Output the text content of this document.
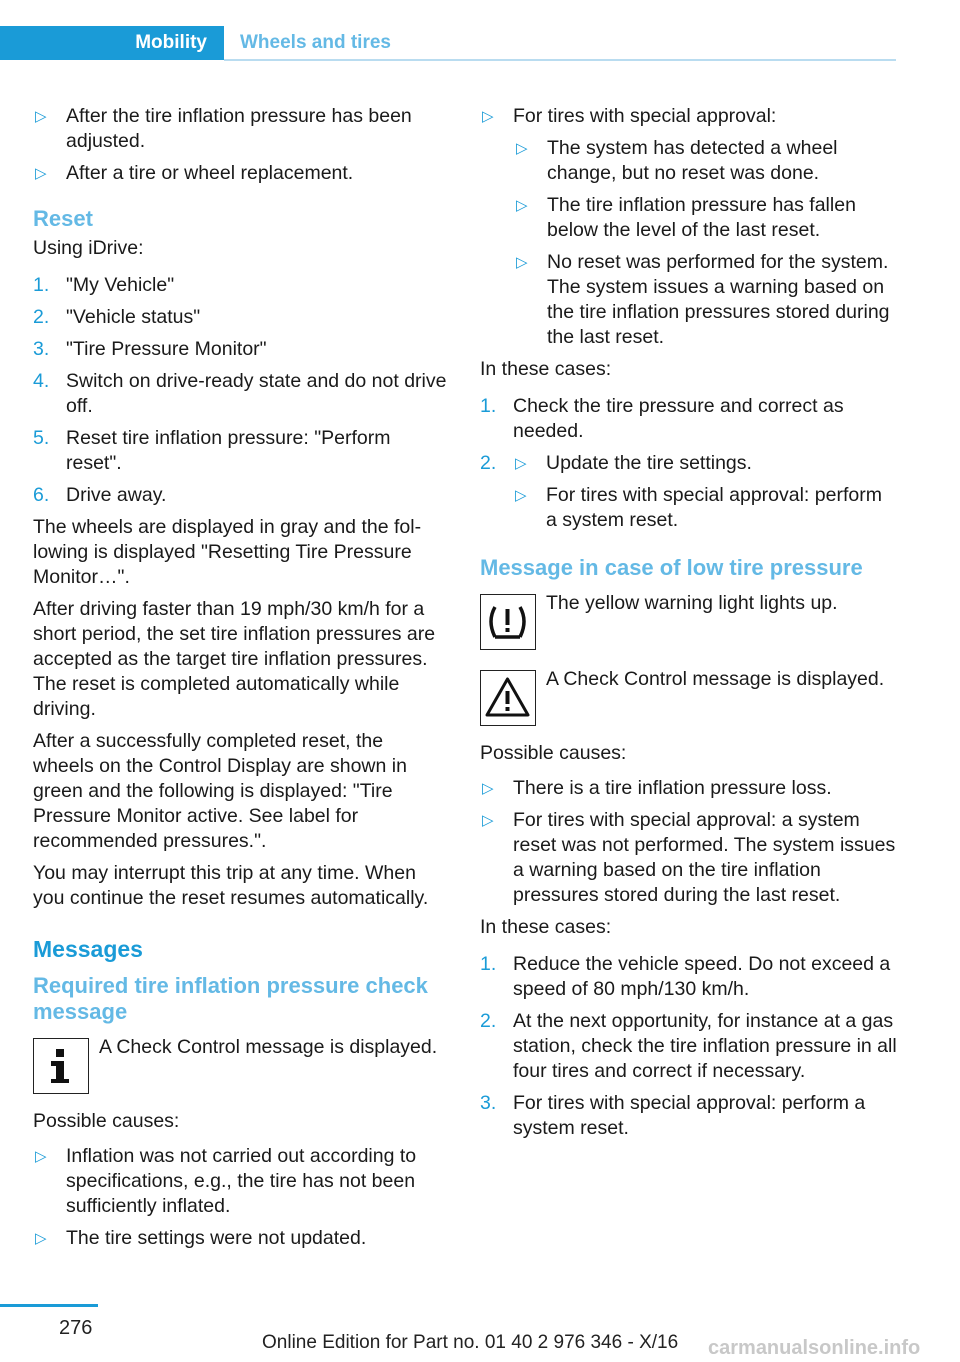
Mobility	Wheels and tires
▷ After the tire inflation pressure has been adjusted.
▷ After a tire or wheel replacement.
Reset
Using iDrive:
1. "My Vehicle"
2. "Vehicle status"
3. "Tire Pressure Monitor"
4. Switch on drive-ready state and do not drive off.
5. Reset tire inflation pressure: "Perform reset".
6. Drive away.
The wheels are displayed in gray and the following is displayed "Resetting Tire Pressure Monitor…".
After driving faster than 19 mph/30 km/h for a short period, the set tire inflation pressures are accepted as the target tire inflation pressures. The reset is completed automatically while driving.
After a successfully completed reset, the wheels on the Control Display are shown in green and the following is displayed: "Tire Pressure Monitor active. See label for recommended pressures.".
You may interrupt this trip at any time. When you continue the reset resumes automatically.
Messages
Required tire inflation pressure check message
A Check Control message is displayed.
Possible causes:
▷ Inflation was not carried out according to specifications, e.g., the tire has not been sufficiently inflated.
▷ The tire settings were not updated.
▷ For tires with special approval:
▷ The system has detected a wheel change, but no reset was done.
▷ The tire inflation pressure has fallen below the level of the last reset.
▷ No reset was performed for the system. The system issues a warning based on the tire inflation pressures stored during the last reset.
In these cases:
1. Check the tire pressure and correct as needed.
2. ▷ Update the tire settings.
▷ For tires with special approval: perform a system reset.
Message in case of low tire pressure
The yellow warning light lights up.
A Check Control message is displayed.
Possible causes:
▷ There is a tire inflation pressure loss.
▷ For tires with special approval: a system reset was not performed. The system issues a warning based on the tire inflation pressures stored during the last reset.
In these cases:
1. Reduce the vehicle speed. Do not exceed a speed of 80 mph/130 km/h.
2. At the next opportunity, for instance at a gas station, check the tire inflation pressure in all four tires and correct if necessary.
3. For tires with special approval: perform a system reset.
276
Online Edition for Part no. 01 40 2 976 346 - X/16 carmanualsonline.info
